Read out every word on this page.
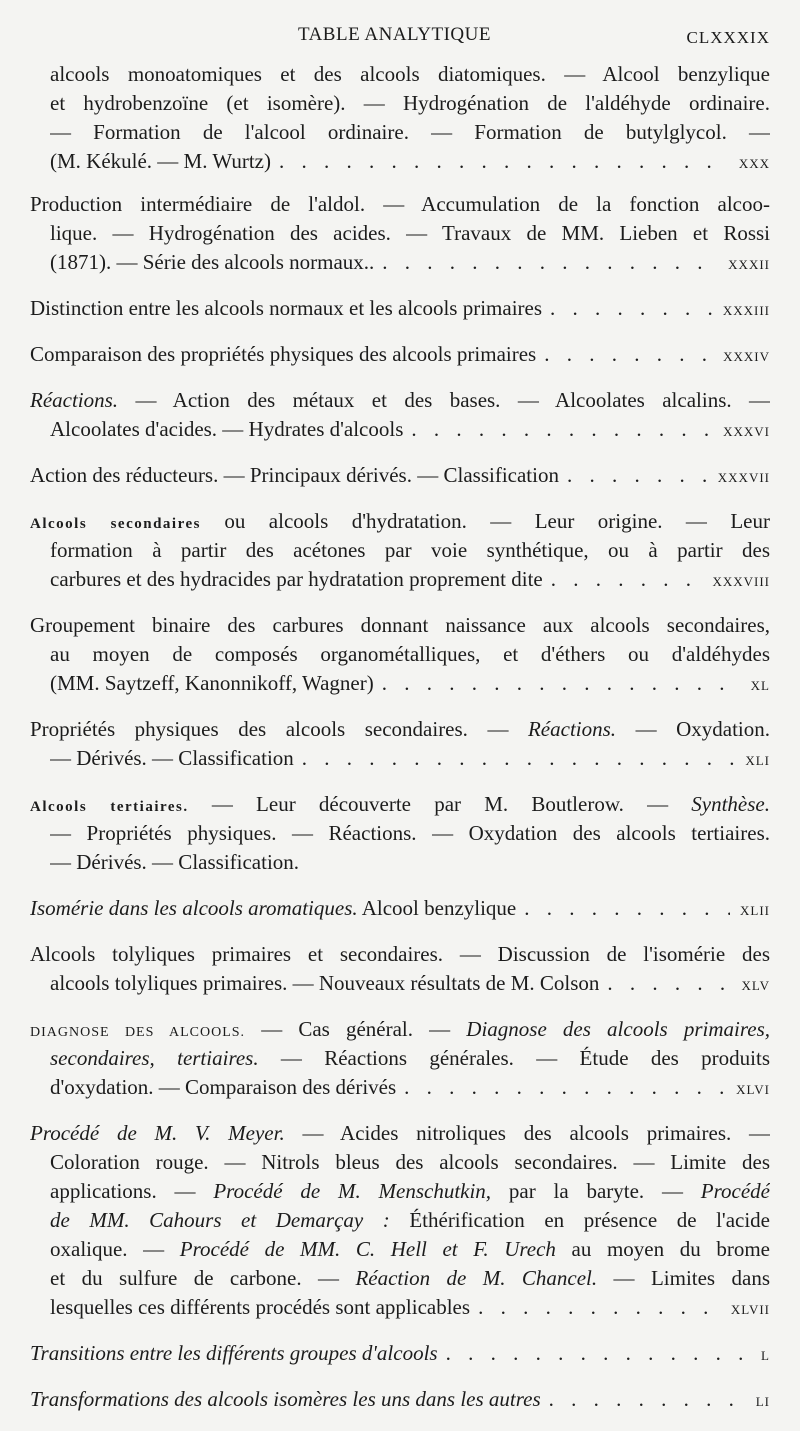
TABLE ANALYTIQUE	CLXXXIX
alcools monoatomiques et des alcools diatomiques. — Alcool benzylique
et hydrobenzoïne (et isomère). — Hydrogénation de l'aldéhyde ordinaire.
— Formation de l'alcool ordinaire. — Formation de butylglycol. —
(M. Kékulé. — M. Wurtz) . . .	XXX
Production intermédiaire de l'aldol. — Accumulation de la fonction alcoo-
lique. — Hydrogénation des acides. — Travaux de MM. Lieben et Rossi
(1871). — Série des alcools normaux.. . . .	XXXII
Distinction entre les alcools normaux et les alcools primaires . . .	XXXIII
Comparaison des propriétés physiques des alcools primaires . . .	XXXIV
Réactions. — Action des métaux et des bases. — Alcoolates alcalins. —
Alcoolates d'acides. — Hydrates d'alcools . . .	XXXVI
Action des réducteurs. — Principaux dérivés. — Classification . . .	XXXVII
Alcools secondaires ou alcools d'hydratation. — Leur origine. — Leur
formation à partir des acétones par voie synthétique, ou à partir des
carbures et des hydracides par hydratation proprement dite . . .	XXXVIII
Groupement binaire des carbures donnant naissance aux alcools secondaires,
au moyen de composés organométalliques, et d'éthers ou d'aldéhydes
(MM. Saytzeff, Kanonnikoff, Wagner) . . .	XL
Propriétés physiques des alcools secondaires. — Réactions. — Oxydation.
— Dérivés. — Classification . . .	XLI
Alcools tertiaires. — Leur découverte par M. Boutlerow. — Synthèse.
— Propriétés physiques. — Réactions. — Oxydation des alcools tertiaires.
— Dérivés. — Classification.
Isomérie dans les alcools aromatiques. Alcool benzylique . . .	XLII
Alcools tolyliques primaires et secondaires. — Discussion de l'isomérie des
alcools tolyliques primaires. — Nouveaux résultats de M. Colson . . .	XLV
DIAGNOSE DES ALCOOLS. — Cas général. — Diagnose des alcools primaires,
secondaires, tertiaires. — Réactions générales. — Étude des produits
d'oxydation. — Comparaison des dérivés . . .	XLVI
Procédé de M. V. Meyer. — Acides nitroliques des alcools primaires. —
Coloration rouge. — Nitrols bleus des alcools secondaires. — Limite des
applications. — Procédé de M. Menschutkin, par la baryte. — Procédé
de MM. Cahours et Demarçay : Éthérification en présence de l'acide
oxalique. — Procédé de MM. C. Hell et F. Urech au moyen du brome
et du sulfure de carbone. — Réaction de M. Chancel. — Limites dans
lesquelles ces différents procédés sont applicables . . .	XLVII
Transitions entre les différents groupes d'alcools . . .	L
Transformations des alcools isomères les uns dans les autres . . .	LI
